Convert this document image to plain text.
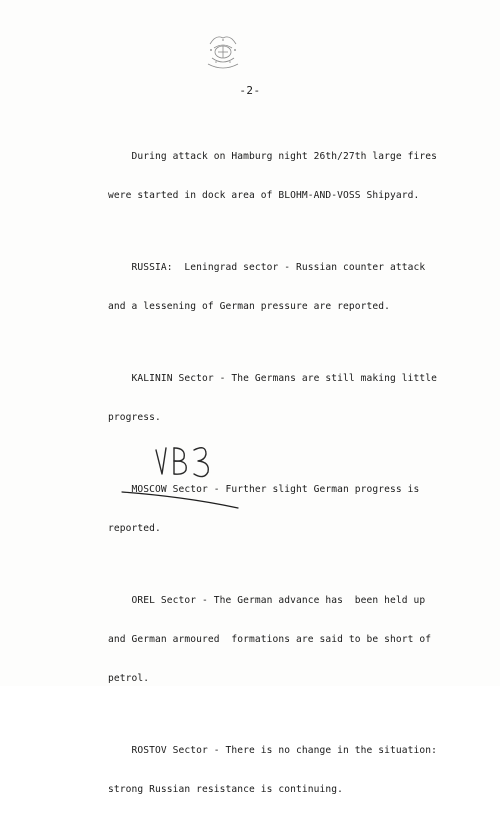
-2-

During attack on Hamburg night 26th/27th large fires

were started in dock area of BLOHM-AND-VOSS Shipyard.

RUSSIA:  Leningrad sector - Russian counter attack

and a lessening of German pressure are reported.

KALININ Sector - The Germans are still making little

progress.

MOSCOW Sector - Further slight German progress is

reported.

OREL Sector - The German advance has  been held up

and German armoured  formations are said to be short of

petrol.

ROSTOV Sector - There is no change in the situation:

strong Russian resistance is continuing.
